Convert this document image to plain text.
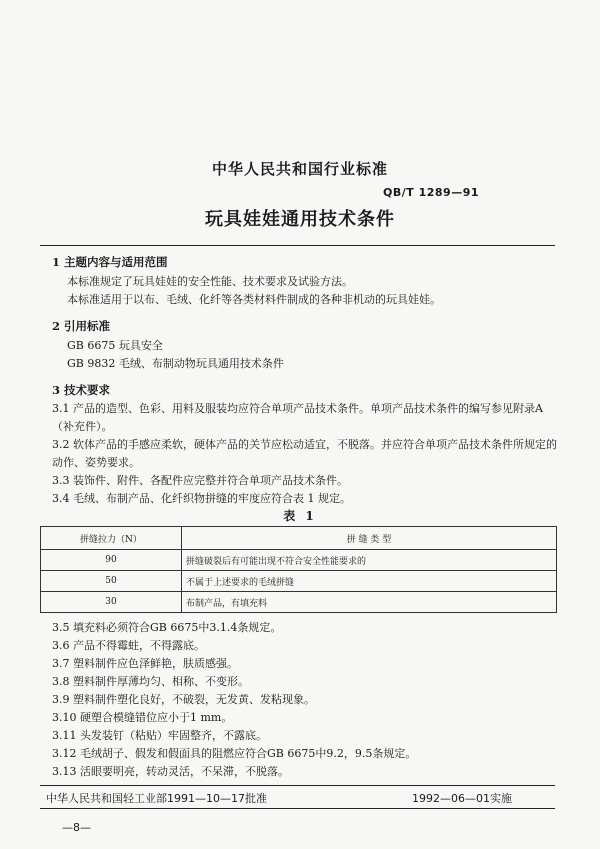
中华人民共和国行业标准
QB/T 1289—91
玩具娃娃通用技术条件
1 主题内容与适用范围
本标准规定了玩具娃娃的安全性能、技术要求及试验方法。
本标准适用于以布、毛绒、化纤等各类材料件制成的各种非机动的玩具娃娃。
2 引用标准
GB 6675 玩具安全
GB 9832 毛绒、布制动物玩具通用技术条件
3 技术要求
3.1 产品的造型、色彩、用料及服装均应符合单项产品技术条件。单项产品技术条件的编写参见附录A（补充件）。
3.2 软体产品的手感应柔软，硬体产品的关节应松动适宜，不脱落。并应符合单项产品技术条件所规定的动作、姿势要求。
3.3 装饰件、附件、各配件应完整并符合单项产品技术条件。
3.4 毛绒、布制产品、化纤织物拼缝的牢度应符合表 1 规定。
表 1
拼缝拉力（N）	拼 缝 类 型
90	拼缝破裂后有可能出现不符合安全性能要求的
50	不属于上述要求的毛绒拼缝
30	布制产品，有填充料
3.5 填充料必须符合GB 6675中3.1.4条规定。
3.6 产品不得霉蛀，不得露底。
3.7 塑料制件应色泽鲜艳，肤质感强。
3.8 塑料制件厚薄均匀、相称、不变形。
3.9 塑料制件塑化良好，不破裂，无发黄、发粘现象。
3.10 硬塑合模缝错位应小于1 mm。
3.11 头发装钉（粘贴）牢固整齐，不露底。
3.12 毛绒胡子、假发和假面具的阻燃应符合GB 6675中9.2，9.5条规定。
3.13 活眼要明亮，转动灵活，不呆滞，不脱落。
中华人民共和国轻工业部1991—10—17批准	1992—06—01实施
—8—
